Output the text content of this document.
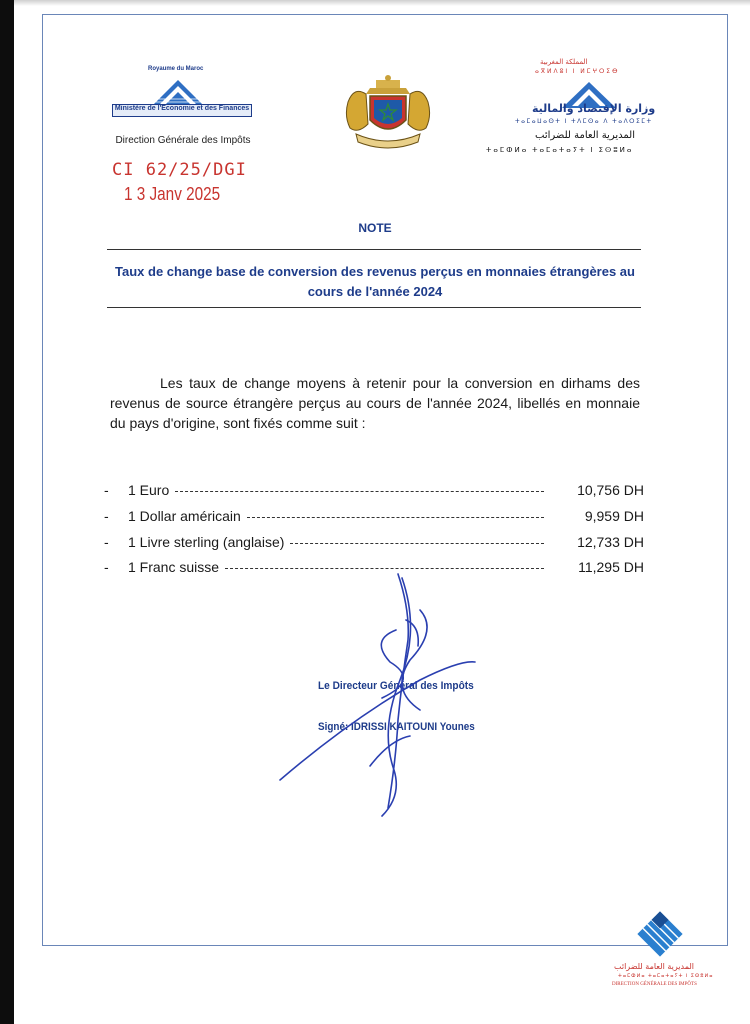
Royaume du Maroc
Ministère de l'Economie et des Finances
Direction Générale des Impôts
CI 62/25/DGI
1 3 Janv 2025
المملكة المغربية
ⴰⴳⵍⴷⵓⵏ ⵏ ⵍⵎⵖⵔⵉⴱ
وزارة الإقتصاد والمالية
ⵜⴰⵎⴰⵡⴰⵙⵜ ⵏ ⵜⴷⵎⵙⴰ ⴷ ⵜⴰⴷⵔⵉⵎⵜ
المديرية العامة للضرائب
ⵜⴰⵎⵀⵍⴰ ⵜⴰⵎⴰⵜⴰⵢⵜ ⵏ ⵉⵙⵓⵍⴰ
NOTE
Taux de change base de conversion des revenus perçus en monnaies étrangères au cours de l'année 2024
Les taux de change moyens à retenir pour la conversion en dirhams des revenus de source étrangère perçus au cours de l'année 2024, libellés en monnaie du pays d'origine, sont fixés comme suit :
-	1 Euro	10,756 DH
-	1 Dollar américain	9,959 DH
-	1 Livre sterling (anglaise)	12,733 DH
-	1 Franc suisse	11,295 DH
Le Directeur Général des Impôts
Signé: IDRISSI KAITOUNI Younes
المديرية العامة للضرائب
ⵜⴰⵎⵀⵍⴰ ⵜⴰⵎⴰⵜⴰⵢⵜ ⵏ ⵉⵙⵓⵍⴰ
DIRECTION GÉNÉRALE DES IMPÔTS
